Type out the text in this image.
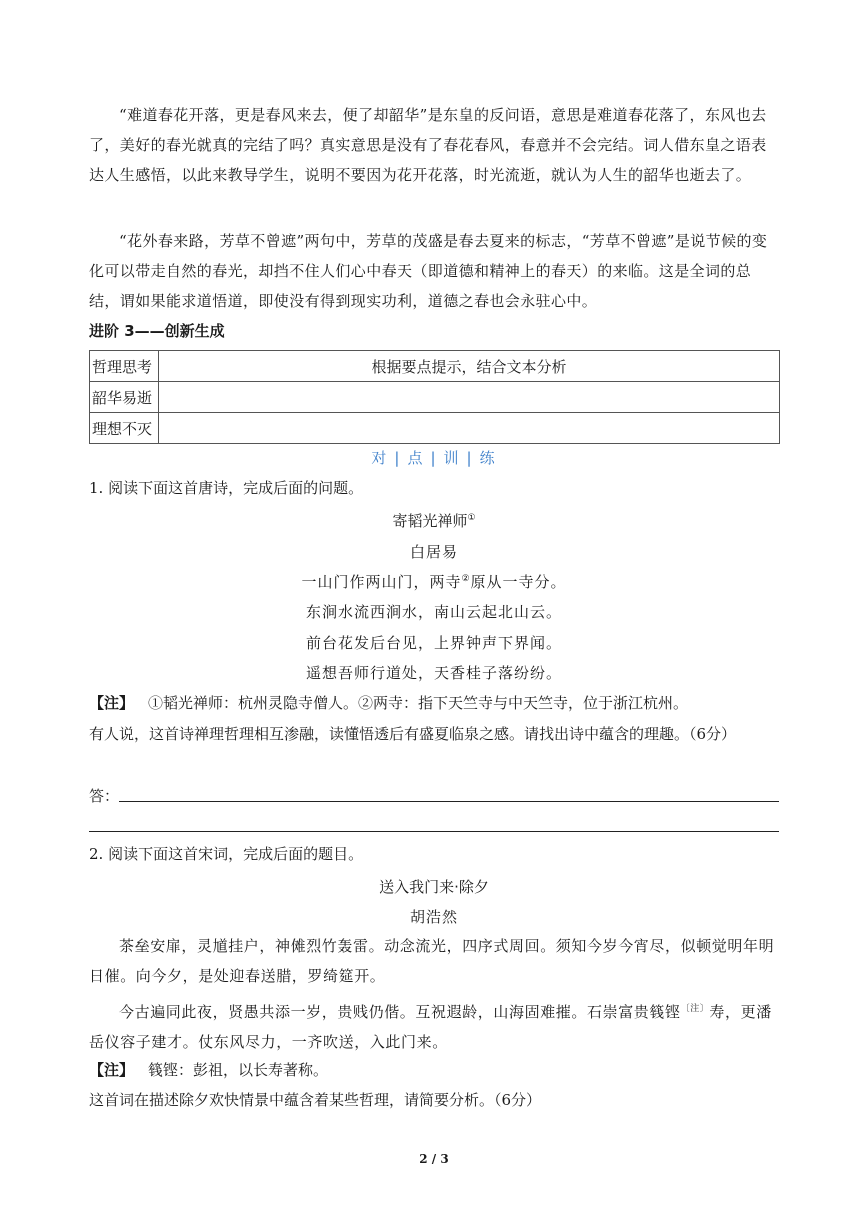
“难道春花开落，更是春风来去，便了却韶华”是东皇的反问语，意思是难道春花落了，东风也去了，美好的春光就真的完结了吗？真实意思是没有了春花春风，春意并不会完结。词人借东皇之语表达人生感悟，以此来教导学生，说明不要因为花开花落，时光流逝，就认为人生的韶华也逝去了。

“花外春来路，芳草不曾遮”两句中，芳草的茂盛是春去夏来的标志，“芳草不曾遮”是说节候的变化可以带走自然的春光，却挡不住人们心中春天（即道德和精神上的春天）的来临。这是全词的总结，谓如果能求道悟道，即使没有得到现实功利，道德之春也会永驻心中。

进阶 3——创新生成
哲理思考	根据要点提示，结合文本分析
韶华易逝	
理想不灭	
对 | 点 | 训 | 练

1. 阅读下面这首唐诗，完成后面的问题。

寄韬光禅师①
白居易
一山门作两山门，两寺②原从一寺分。
东涧水流西涧水，南山云起北山云。
前台花发后台见，上界钟声下界闻。
遥想吾师行道处，天香桂子落纷纷。

【注】 ①韬光禅师：杭州灵隐寺僧人。②两寺：指下天竺寺与中天竺寺，位于浙江杭州。

有人说，这首诗禅理哲理相互渗融，读懂悟透后有盛夏临泉之感。请找出诗中蕴含的理趣。（6分）

答：

2. 阅读下面这首宋词，完成后面的题目。

送入我门来·除夕
胡浩然

茶垒安扉，灵馗挂户，神傩烈竹轰雷。动念流光，四序式周回。须知今岁今宵尽，似顿觉明年明日催。向今夕，是处迎春送腊，罗绮筵开。

今古遍同此夜，贤愚共添一岁，贵贱仍偕。互祝遐龄，山海固难摧。石崇富贵篯铿$^{〔注〕}$寿，更潘岳仪容子建才。仗东风尽力，一齐吹送，入此门来。

【注】 篯铿：彭祖，以长寿著称。

这首词在描述除夕欢快情景中蕴含着某些哲理，请简要分析。（6分）

2 / 3
